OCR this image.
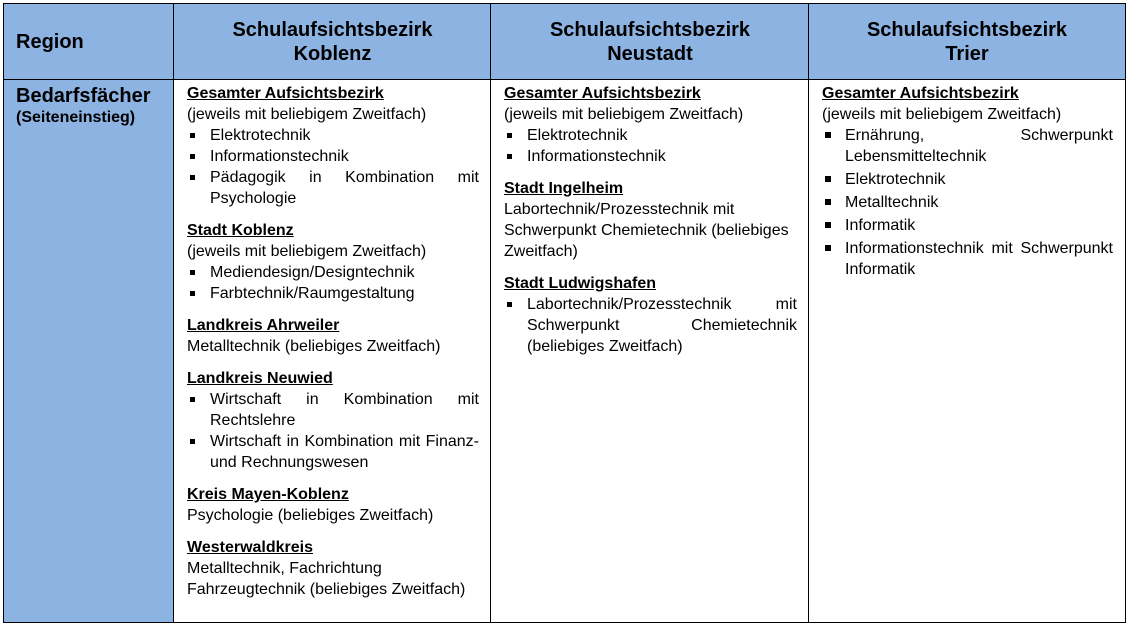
Region
Schulaufsichtsbezirk
Koblenz
Schulaufsichtsbezirk
Neustadt
Schulaufsichtsbezirk
Trier
Bedarfsfächer
(Seiteneinstieg)
Gesamter Aufsichtsbezirk
(jeweils mit beliebigem Zweitfach)
Elektrotechnik
Informationstechnik
Pädagogik in Kombination mit Psychologie
Stadt Koblenz
(jeweils mit beliebigem Zweitfach)
Mediendesign/Designtechnik
Farbtechnik/Raumgestaltung
Landkreis Ahrweiler
Metalltechnik (beliebiges Zweitfach)
Landkreis Neuwied
Wirtschaft in Kombination mit Rechtslehre
Wirtschaft in Kombination mit Finanz- und Rechnungswesen
Kreis Mayen-Koblenz
Psychologie (beliebiges Zweitfach)
Westerwaldkreis
Metalltechnik, Fachrichtung Fahrzeugtechnik (beliebiges Zweitfach)
Gesamter Aufsichtsbezirk
(jeweils mit beliebigem Zweitfach)
Elektrotechnik
Informationstechnik
Stadt Ingelheim
Labortechnik/Prozesstechnik mit Schwerpunkt Chemietechnik (beliebiges Zweitfach)
Stadt Ludwigshafen
Labortechnik/Prozesstechnik mit Schwerpunkt Chemietechnik (beliebiges Zweitfach)
Gesamter Aufsichtsbezirk
(jeweils mit beliebigem Zweitfach)
Ernährung, Schwerpunkt Lebensmitteltechnik
Elektrotechnik
Metalltechnik
Informatik
Informationstechnik mit Schwerpunkt Informatik
